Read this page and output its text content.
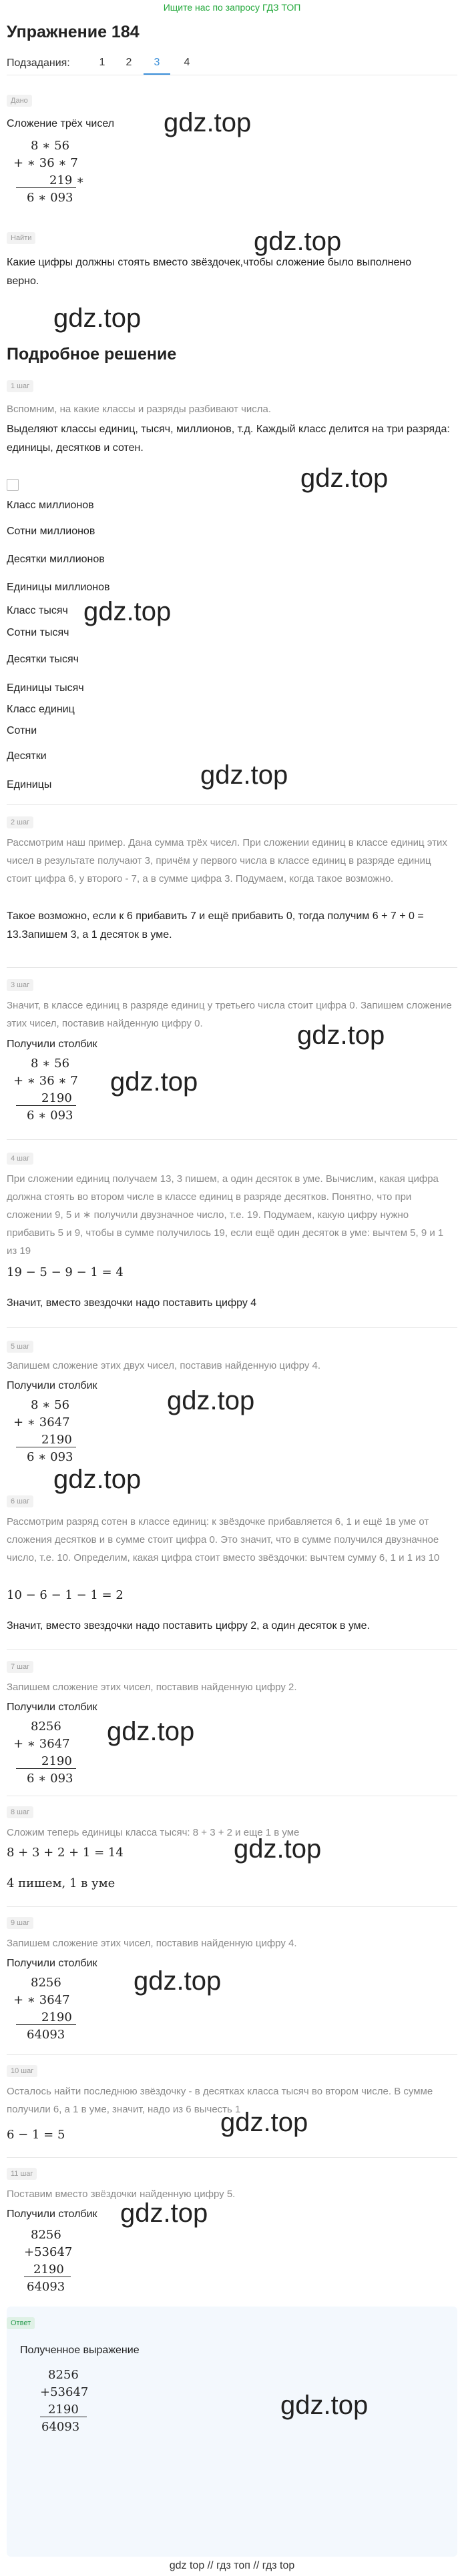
Ищите нас по запросу ГДЗ ТОП
Упражнение 184
Подзадания:	1	2	3	4
Дано
Сложение трёх чисел gdz.top
8 ∗ 56
+ ∗ 36 ∗ 7
219 ∗
6 ∗ 093
Найти	gdz.top
Какие цифры должны стоять вместо звёздочек,чтобы сложение было выполнено верно.
gdz.top
Подробное решение
1 шаг
Вспомним, на какие классы и разряды разбивают числа.
Выделяют классы единиц, тысяч, миллионов, т.д. Каждый класс делится на три разряда: единицы, десятков и сотен.
gdz.top
Класс миллионов
Сотни миллионов
Десятки миллионов
Единицы миллионов
Класс тысяч gdz.top
Сотни тысяч
Десятки тысяч
Единицы тысяч
Класс единиц
Сотни
Десятки
gdz.top
Единицы
2 шаг
Рассмотрим наш пример. Дана сумма трёх чисел. При сложении единиц в классе единиц этих чисел в результате получают 3, причём у первого числа в классе единиц в разряде единиц стоит цифра 6, у второго - 7, а в сумме цифра 3. Подумаем, когда такое возможно.
Такое возможно, если к 6 прибавить 7 и ещё прибавить 0, тогда получим 6 + 7 + 0 = 13.Запишем 3, а 1 десяток в уме.
3 шаг
Значит, в классе единиц в разряде единиц у третьего числа стоит цифра 0. Запишем сложение этих чисел, поставив найденную цифру 0.	gdz.top
Получили столбик
gdz.top
8 ∗ 56
+ ∗ 36 ∗ 7
2190
6 ∗ 093
4 шаг
При сложении единиц получаем 13, 3 пишем, а один десяток в уме. Вычислим, какая цифра должна стоять во втором числе в классе единиц в разряде десятков. Понятно, что при сложении 9, 5 и ∗ получили двузначное число, т.е. 19. Подумаем, какую цифру нужно прибавить 5 и 9, чтобы в сумме получилось 19, если ещё один десяток в уме: вычтем 5, 9 и 1 из 19
19 − 5 − 9 − 1 = 4
Значит, вместо звездочки надо поставить цифру 4
5 шаг
Запишем сложение этих двух чисел, поставив найденную цифру 4.
Получили столбик
gdz.top
8 ∗ 56
+ ∗ 3647
2190
6 ∗ 093
gdz.top
6 шаг
Рассмотрим разряд сотен в классе единиц: к звёздочке прибавляется 6, 1 и ещё 1в уме от сложения десятков и в сумме стоит цифра 0. Это значит, что в сумме получился двузначное число, т.е. 10. Определим, какая цифра стоит вместо звёздочки: вычтем сумму 6, 1 и 1 из 10
10 − 6 − 1 − 1 = 2
Значит, вместо звездочки надо поставить цифру 2, а один десяток в уме.
7 шаг
Запишем сложение этих чисел, поставив найденную цифру 2.
Получили столбик
gdz.top
8256
+ ∗ 3647
2190
6 ∗ 093
8 шаг
Сложим теперь единицы класса тысяч: 8 + 3 + 2 и еще 1 в уме
gdz.top
8 + 3 + 2 + 1 = 14
4 пишем, 1 в уме
9 шаг
Запишем сложение этих чисел, поставив найденную цифру 4.
Получили столбик
gdz.top
8256
+ ∗ 3647
2190
64093
10 шаг
Осталось найти последнюю звёздочку - в десятках класса тысяч во втором числе. В сумме получили 6, а 1 в уме, значит, надо из 6 вычесть 1
gdz.top
6 − 1 = 5
11 шаг
Поставим вместо звёздочки найденную цифру 5.
gdz.top
Получили столбик
8256
+53647
2190
64093
Ответ
Полученное выражение
gdz.top
8256
+53647
2190
64093
gdz top // гдз топ // гдз top
